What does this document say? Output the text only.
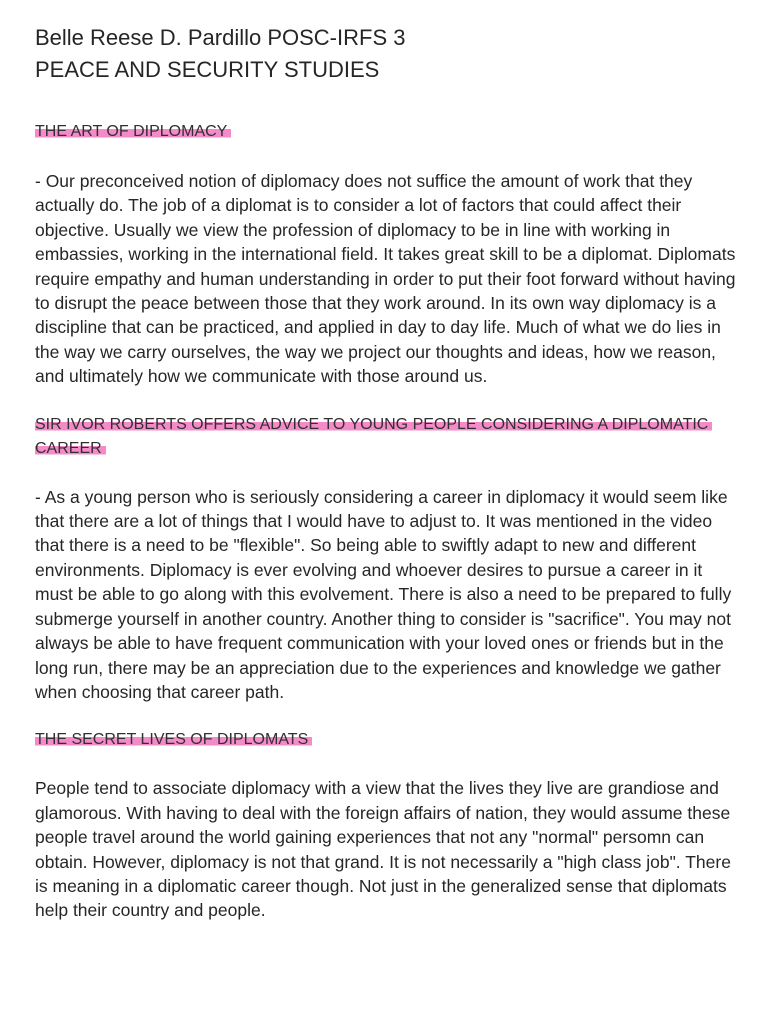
Belle Reese D. Pardillo POSC-IRFS 3

PEACE AND SECURITY STUDIES

THE ART OF DIPLOMACY

- Our preconceived notion of diplomacy does not suffice the amount of work that they actually do. The job of a diplomat is to consider a lot of factors that could affect their objective. Usually we view the profession of diplomacy to be in line with working in embassies, working in the international field. It takes great skill to be a diplomat. Diplomats require empathy and human understanding in order to put their foot forward without having to disrupt the peace between those that they work around. In its own way diplomacy is a discipline that can be practiced, and applied in day to day life. Much of what we do lies in the way we carry ourselves, the way we project our thoughts and ideas, how we reason, and ultimately how we communicate with those around us.

SIR IVOR ROBERTS OFFERS ADVICE TO YOUNG PEOPLE CONSIDERING A DIPLOMATIC CAREER

- As a young person who is seriously considering a career in diplomacy it would seem like that there are a lot of things that I would have to adjust to. It was mentioned in the video that there is a need to be "flexible". So being able to swiftly adapt to new and different environments. Diplomacy is ever evolving and whoever desires to pursue a career in it must be able to go along with this evolvement. There is also a need to be prepared to fully submerge yourself in another country. Another thing to consider is "sacrifice". You may not always be able to have frequent communication with your loved ones or friends but in the long run, there may be an appreciation due to the experiences and knowledge we gather when choosing that career path.

THE SECRET LIVES OF DIPLOMATS

People tend to associate diplomacy with a view that the lives they live are grandiose and glamorous. With having to deal with the foreign affairs of nation, they would assume these people travel around the world gaining experiences that not any "normal" persomn can obtain. However, diplomacy is not that grand. It is not necessarily a "high class job". There is meaning in a diplomatic career though. Not just in the generalized sense that diplomats help their country and people.
